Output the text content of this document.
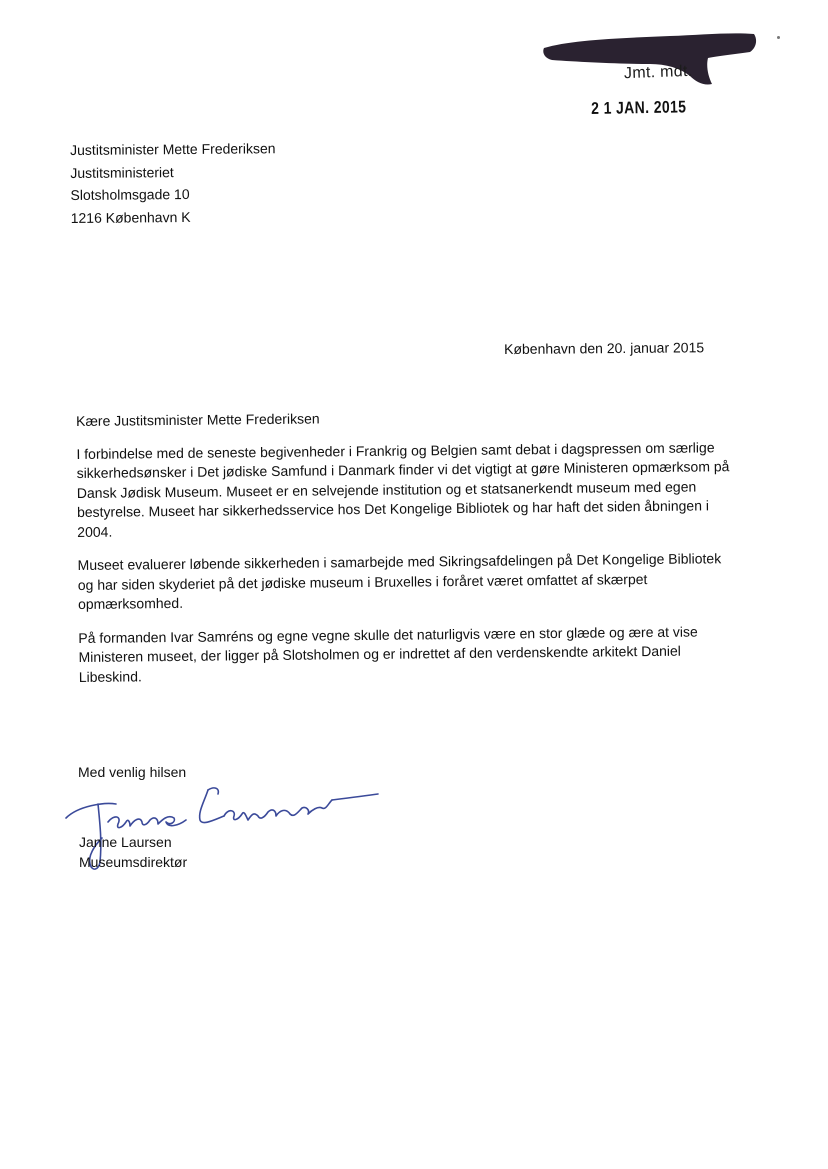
Jmt. mdt.
2 1 JAN. 2015
Justitsminister Mette Frederiksen
Justitsministeriet
Slotsholmsgade 10
1216 København K
København den 20. januar 2015

Kære Justitsminister Mette Frederiksen

I forbindelse med de seneste begivenheder i Frankrig og Belgien samt debat i dagspressen om særlige sikkerhedsønsker i Det jødiske Samfund i Danmark finder vi det vigtigt at gøre Ministeren opmærksom på Dansk Jødisk Museum. Museet er en selvejende institution og et statsanerkendt museum med egen bestyrelse. Museet har sikkerhedsservice hos Det Kongelige Bibliotek og har haft det siden åbningen i 2004.

Museet evaluerer løbende sikkerheden i samarbejde med Sikringsafdelingen på Det Kongelige Bibliotek og har siden skyderiet på det jødiske museum i Bruxelles i foråret været omfattet af skærpet opmærksomhed.

På formanden Ivar Samréns og egne vegne skulle det naturligvis være en stor glæde og ære at vise Ministeren museet, der ligger på Slotsholmen og er indrettet af den verdenskendte arkitekt Daniel Libeskind.

Med venlig hilsen
Janne Laursen
Museumsdirektør
